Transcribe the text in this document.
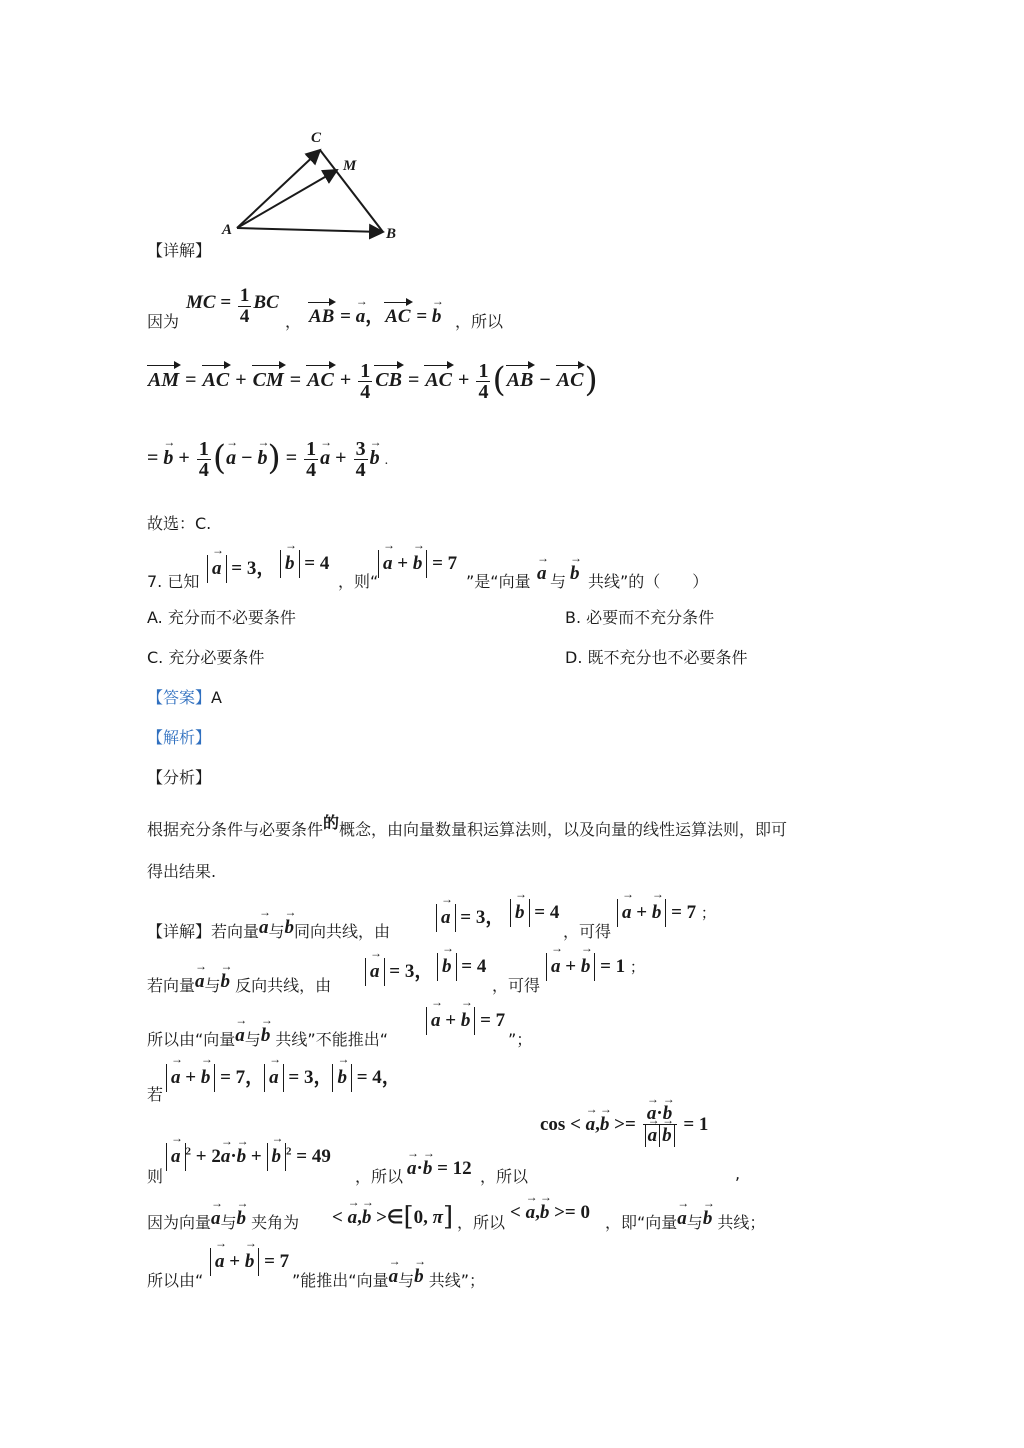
C
M
A	B
【详解】
因为
MC = $\frac{1}{4}$ BC
， AB = → a，AC = → b ，所以
AM = AC + CM = AC + $\frac{1}{4}$ CB = AC + $\frac{1}{4} (AB - AC)$
= → $b + \frac{1}{4}$ (→ a − → $b) = \frac{1}{4}$
→ $a + \frac{3}{4}$
→ b .
故选：C.
7. 已知
→ a = 3，
→ b = 4
，则“
→ a + → b = 7
”是“向量
→ a 与
→ b 共线”的（　　）
A. 充分而不必要条件	B. 必要而不充分条件
C. 充分必要条件	D. 既不充分也不必要条件
【答案】A
【解析】
【分析】
根据充分条件与必要条件的概念，由向量数量积运算法则，以及向量的线性运算法则，即可
得出结果.
【详解】若向量→ a与→ b同向共线，由
→ a = 3，
→ b = 4
，可得
→ a + → b = 7 ；
若向量→ a与→ b 反向共线，由
→ a = 3，
→ b = 4
，可得
→ a + → b = 1 ；
所以由“向量→ a与→ b 共线”不能推出“
→ a + → b = 7
”；
若
→ a + → b = 7，→ a = 3，→ b = 4，
则
→ a $^2$ + 2→ a·→ b + → b $^2$ = 49
，所以
→ a·→ b = 12 ，所以
cos < → a,→ b >=
→ a·→ b
→ a→ b = 1
,
因为向量→ a与→ b 夹角为 < → a,→ b >∈[0, π] ，所以 < → a,→ b >= 0 ，即“向量→ a与→ b 共线；
所以由“
→ a + → b = 7
”能推出“向量→ a与→ b 共线”；
